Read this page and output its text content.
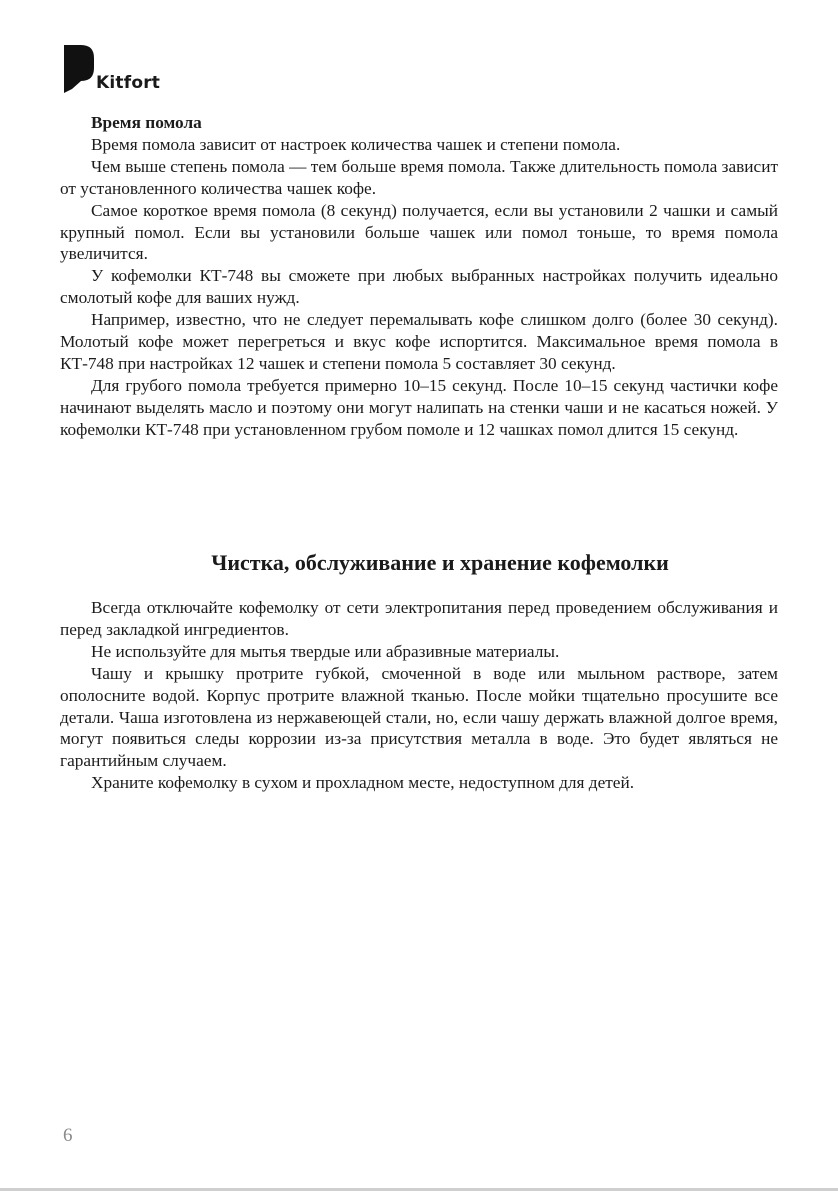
Kitfort
Время помола

Время помола зависит от настроек количества чашек и степени помола.

Чем выше степень помола — тем больше время помола. Также длительность помола зависит от установленного количества чашек кофе.

Самое короткое время помола (8 секунд) получается, если вы установили 2 чашки и самый крупный помол. Если вы установили больше чашек или помол тоньше, то время помола увеличится.

У кофемолки КТ-748 вы сможете при любых выбранных настройках получить идеально смолотый кофе для ваших нужд.

Например, известно, что не следует перемалывать кофе слишком долго (более 30 секунд). Молотый кофе может перегреться и вкус кофе испортится. Максимальное время помола в КТ-748 при настройках 12 чашек и степени помола 5 составляет 30 секунд.

Для грубого помола требуется примерно 10–15 секунд. После 10–15 секунд частички кофе начинают выделять масло и поэтому они могут налипать на стенки чаши и не касаться ножей. У кофемолки КТ-748 при установленном грубом помоле и 12 чашках помол длится 15 секунд.

Чистка, обслуживание и хранение кофемолки

Всегда отключайте кофемолку от сети электропитания перед проведением обслуживания и перед закладкой ингредиентов.

Не используйте для мытья твердые или абразивные материалы.

Чашу и крышку протрите губкой, смоченной в воде или мыльном растворе, затем ополосните водой. Корпус протрите влажной тканью. После мойки тщательно просушите все детали. Чаша изготовлена из нержавеющей стали, но, если чашу держать влажной долгое время, могут появиться следы коррозии из-за присутствия металла в воде. Это будет являться не гарантийным случаем.

Храните кофемолку в сухом и прохладном месте, недоступном для детей.

6
